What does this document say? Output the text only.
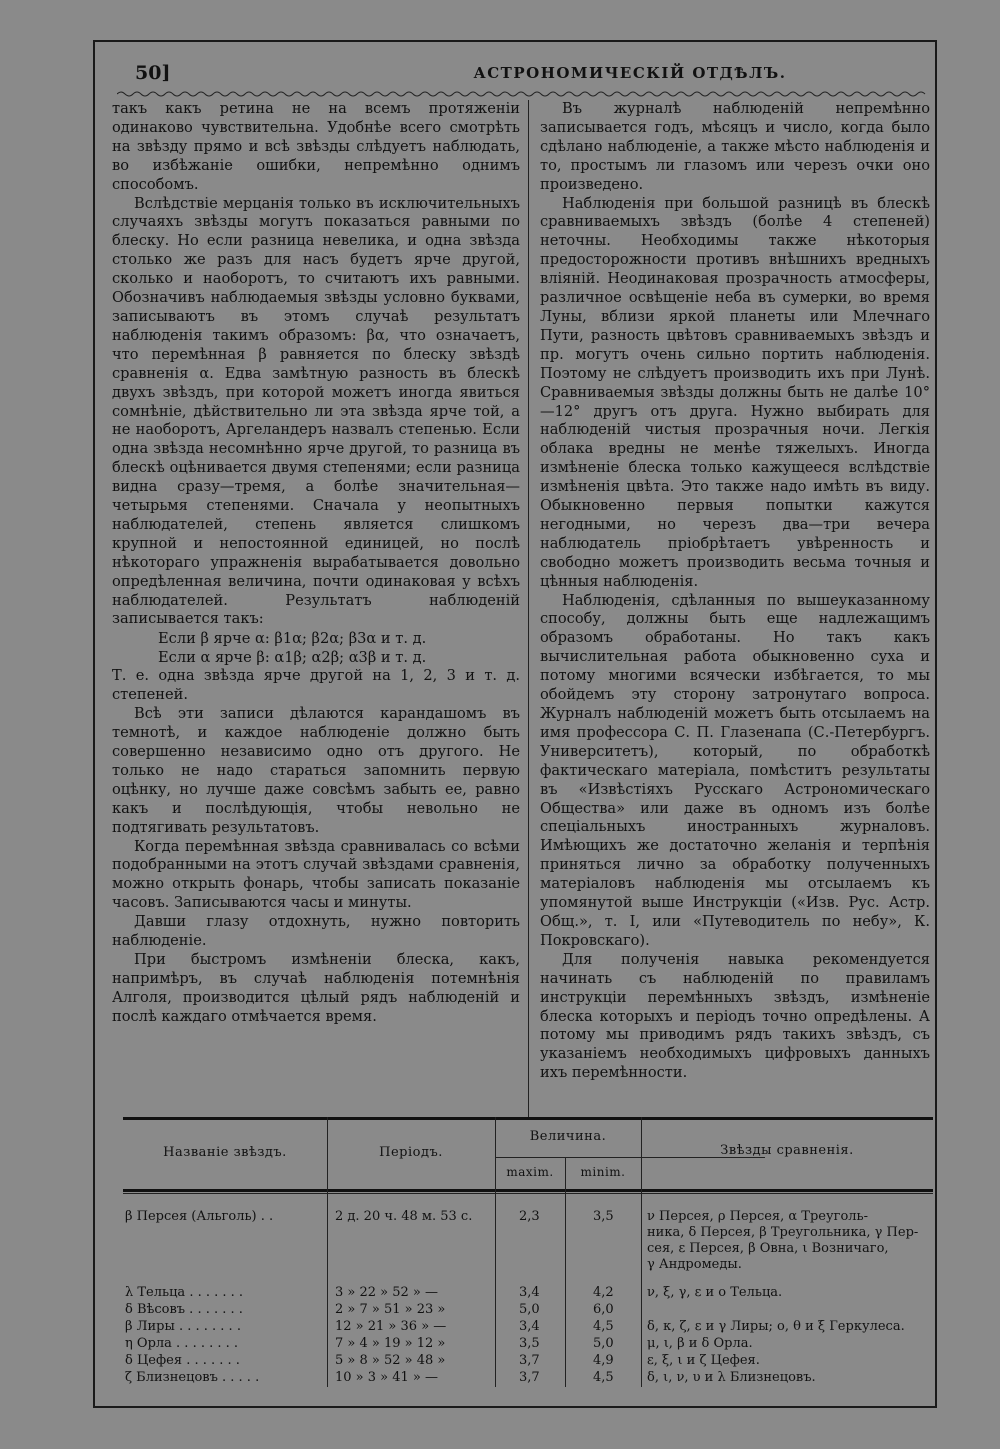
50]	АСТРОНОМИЧЕСКІЙ ОТДѢЛЪ.

такъ какъ ретина не на всемъ протяженіи одинаково чувствительна. Удобнѣе всего смотрѣть на звѣзду прямо и всѣ звѣзды слѣдуетъ наблюдать, во избѣжаніе ошибки, непремѣнно однимъ способомъ.

Вслѣдствіе мерцанія только въ исключительныхъ случаяхъ звѣзды могутъ показаться равными по блеску. Но если разница невелика, и одна звѣзда столько же разъ для насъ будетъ ярче другой, сколько и наоборотъ, то считаютъ ихъ равными. Обозначивъ наблюдаемыя звѣзды условно буквами, записываютъ въ этомъ случаѣ результатъ наблюденія такимъ образомъ: βα, что означаетъ, что перемѣнная β равняется по блеску звѣздѣ сравненія α. Едва замѣтную разность въ блескѣ двухъ звѣздъ, при которой можетъ иногда явиться сомнѣніе, дѣйствительно ли эта звѣзда ярче той, а не наоборотъ, Аргеландеръ назвалъ степенью. Если одна звѣзда несомнѣнно ярче другой, то разница въ блескѣ оцѣнивается двумя степенями; если разница видна сразу—тремя, а болѣе значительная—четырьмя степенями. Сначала у неопытныхъ наблюдателей, степень является слишкомъ крупной и непостоянной единицей, но послѣ нѣкотораго упражненія вырабатывается довольно опредѣленная величина, почти одинаковая у всѣхъ наблюдателей. Результатъ наблюденій записывается такъ:

Если β ярче α: β1α; β2α; β3α и т. д.
Если α ярче β: α1β; α2β; α3β и т. д.

Т. е. одна звѣзда ярче другой на 1, 2, 3 и т. д. степеней.

Всѣ эти записи дѣлаются карандашомъ въ темнотѣ, и каждое наблюденіе должно быть совершенно независимо одно отъ другого. Не только не надо стараться запомнить первую оцѣнку, но лучше даже совсѣмъ забыть ее, равно какъ и послѣдующія, чтобы невольно не подтягивать результатовъ.

Когда перемѣнная звѣзда сравнивалась со всѣми подобранными на этотъ случай звѣздами сравненія, можно открыть фонарь, чтобы записать показаніе часовъ. Записываются часы и минуты.

Давши глазу отдохнуть, нужно повторить наблюденіе.

При быстромъ измѣненіи блеска, какъ, напримѣръ, въ случаѣ наблюденія потемнѣнія Алголя, производится цѣлый рядъ наблюденій и послѣ каждаго отмѣчается время.

Въ журналѣ наблюденій непремѣнно записывается годъ, мѣсяцъ и число, когда было сдѣлано наблюденіе, а также мѣсто наблюденія и то, простымъ ли глазомъ или черезъ очки оно произведено.

Наблюденія при большой разницѣ въ блескѣ сравниваемыхъ звѣздъ (болѣе 4 степеней) неточны. Необходимы также нѣкоторыя предосторожности противъ внѣшнихъ вредныхъ вліяній. Неодинаковая прозрачность атмосферы, различное освѣщеніе неба въ сумерки, во время Луны, вблизи яркой планеты или Млечнаго Пути, разность цвѣтовъ сравниваемыхъ звѣздъ и пр. могутъ очень сильно портить наблюденія. Поэтому не слѣдуетъ производить ихъ при Лунѣ. Сравниваемыя звѣзды должны быть не далѣе 10°—12° другъ отъ друга. Нужно выбирать для наблюденій чистыя прозрачныя ночи. Легкія облака вредны не менѣе тяжелыхъ. Иногда измѣненіе блеска только кажущееся вслѣдствіе измѣненія цвѣта. Это также надо имѣть въ виду. Обыкновенно первыя попытки кажутся негодными, но черезъ два—три вечера наблюдатель пріобрѣтаетъ увѣренность и свободно можетъ производить весьма точныя и цѣнныя наблюденія.

Наблюденія, сдѣланныя по вышеуказанному способу, должны быть еще надлежащимъ образомъ обработаны. Но такъ какъ вычислительная работа обыкновенно суха и потому многими всячески избѣгается, то мы обойдемъ эту сторону затронутаго вопроса. Журналъ наблюденій можетъ быть отсылаемъ на имя профессора С. П. Глазенапа (С.-Петербургъ. Университетъ), который, по обработкѣ фактическаго матеріала, помѣститъ результаты въ «Извѣстіяхъ Русскаго Астрономическаго Общества» или даже въ одномъ изъ болѣе спеціальныхъ иностранныхъ журналовъ. Имѣющихъ же достаточно желанія и терпѣнія приняться лично за обработку полученныхъ матеріаловъ наблюденія мы отсылаемъ къ упомянутой выше Инструкціи («Изв. Рус. Астр. Общ.», т. I, или «Путеводитель по небу», К. Покровскаго).

Для полученія навыка рекомендуется начинать съ наблюденій по правиламъ инструкціи перемѣнныхъ звѣздъ, измѣненіе блеска которыхъ и періодъ точно опредѣлены. А потому мы приводимъ рядъ такихъ звѣздъ, съ указаніемъ необходимыхъ цифровыхъ данныхъ ихъ перемѣнности.

Названіе звѣздъ.	Періодъ.
Величина.
maxim.	minim.
Звѣзды сравненія.
β Персея (Альголь) . .	2 д. 20 ч. 48 м. 53 с.	2,3	3,5	ν Персея, ρ Персея, α Треуголь-
ника, δ Персея, β Треугольника, γ Пер-
сея, ε Персея, β Овна, ι Возничаго,
γ Андромеды.
λ Тельца . . . . . . .	3 » 22 » 52 » —	3,4	4,2	ν, ξ, γ, ε и ο Тельца.
δ Вѣсовъ . . . . . . .	2 » 7 » 51 » 23 »	5,0	6,0
β Лиры . . . . . . . .	12 » 21 » 36 » —	3,4	4,5	δ, κ, ζ, ε и γ Лиры; ο, θ и ξ Геркулеса.
η Орла . . . . . . . .	7 » 4 » 19 » 12 »	3,5	5,0	μ, ι, β и δ Орла.
δ Цефея . . . . . . .	5 » 8 » 52 » 48 »	3,7	4,9	ε, ξ, ι и ζ Цефея.
ζ Близнецовъ . . . . .	10 » 3 » 41 » —	3,7	4,5	δ, ι, ν, υ и λ Близнецовъ.
